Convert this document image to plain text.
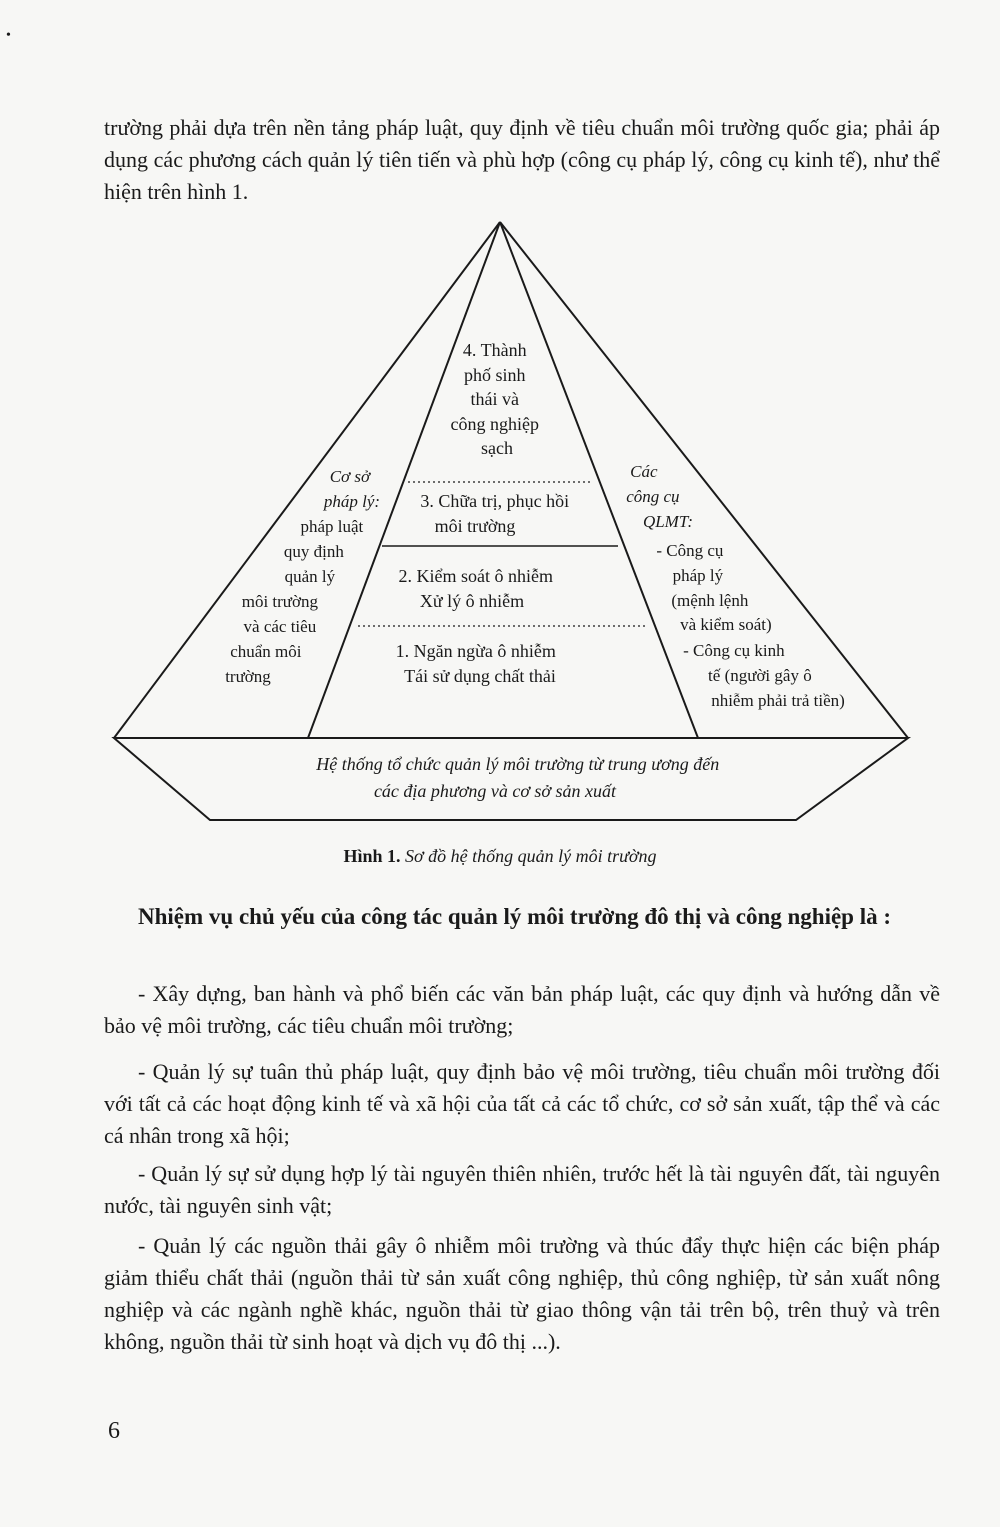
•

trường phải dựa trên nền tảng pháp luật, quy định về tiêu chuẩn môi trường quốc gia; phải áp dụng các phương cách quản lý tiên tiến và phù hợp (công cụ pháp lý, công cụ kinh tế), như thể hiện trên hình 1.

4. Thành phố sinh thái và công nghiệp sạch
3. Chữa trị, phục hồi môi trường
2. Kiểm soát ô nhiễm Xử lý ô nhiễm
1. Ngăn ngừa ô nhiễm Tái sử dụng chất thải
Cơ sở pháp lý:
pháp luật quy định quản lý môi trường và các tiêu chuẩn môi trường
Các công cụ QLMT:
- Công cụ pháp lý (mệnh lệnh và kiểm soát) - Công cụ kinh tế (người gây ô nhiễm phải trả tiền)
Hệ thống tổ chức quản lý môi trường từ trung ương đến các địa phương và cơ sở sản xuất

Hình 1. Sơ đồ hệ thống quản lý môi trường

Nhiệm vụ chủ yếu của công tác quản lý môi trường đô thị và công nghiệp là :

- Xây dựng, ban hành và phổ biến các văn bản pháp luật, các quy định và hướng dẫn về bảo vệ môi trường, các tiêu chuẩn môi trường;

- Quản lý sự tuân thủ pháp luật, quy định bảo vệ môi trường, tiêu chuẩn môi trường đối với tất cả các hoạt động kinh tế và xã hội của tất cả các tổ chức, cơ sở sản xuất, tập thể và các cá nhân trong xã hội;

- Quản lý sự sử dụng hợp lý tài nguyên thiên nhiên, trước hết là tài nguyên đất, tài nguyên nước, tài nguyên sinh vật;

- Quản lý các nguồn thải gây ô nhiễm môi trường và thúc đẩy thực hiện các biện pháp giảm thiểu chất thải (nguồn thải từ sản xuất công nghiệp, thủ công nghiệp, từ sản xuất nông nghiệp và các ngành nghề khác, nguồn thải từ giao thông vận tải trên bộ, trên thuỷ và trên không, nguồn thải từ sinh hoạt và dịch vụ đô thị ...).

6
